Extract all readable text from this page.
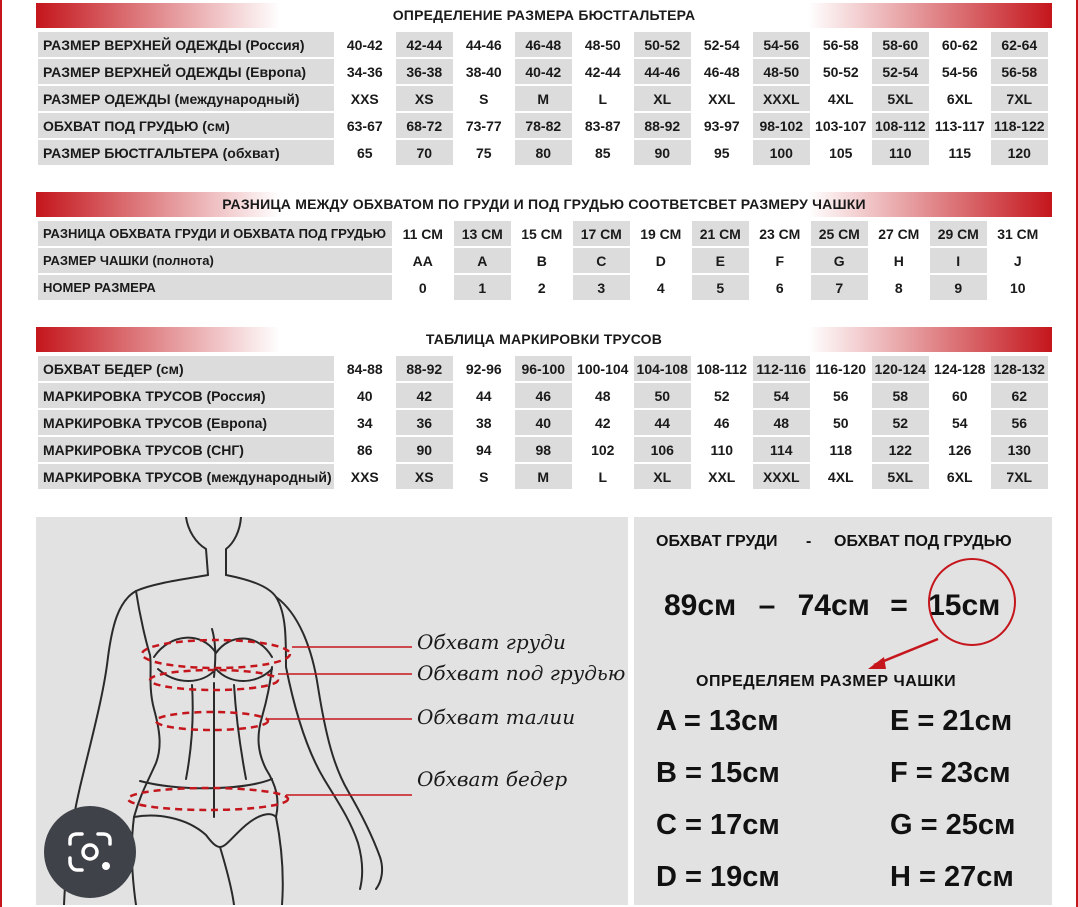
ОПРЕДЕЛЕНИЕ РАЗМЕРА БЮСТГАЛЬТЕРА
РАЗМЕР ВЕРХНЕЙ ОДЕЖДЫ (Россия)	40-42	42-44	44-46	46-48	48-50	50-52	52-54	54-56	56-58	58-60	60-62	62-64
РАЗМЕР ВЕРХНЕЙ ОДЕЖДЫ (Европа)	34-36	36-38	38-40	40-42	42-44	44-46	46-48	48-50	50-52	52-54	54-56	56-58
РАЗМЕР ОДЕЖДЫ (международный)	XXS	XS	S	M	L	XL	XXL	XXXL	4XL	5XL	6XL	7XL
ОБХВАТ ПОД ГРУДЬЮ (см)	63-67	68-72	73-77	78-82	83-87	88-92	93-97	98-102	103-107	108-112	113-117	118-122
РАЗМЕР БЮСТГАЛЬТЕРА (обхват)	65	70	75	80	85	90	95	100	105	110	115	120
РАЗНИЦА МЕЖДУ ОБХВАТОМ ПО ГРУДИ И ПОД ГРУДЬЮ СООТВЕТСВЕТ РАЗМЕРУ ЧАШКИ
РАЗНИЦА ОБХВАТА ГРУДИ И ОБХВАТА ПОД ГРУДЬЮ	11 СМ	13 СМ	15 СМ	17 СМ	19 СМ	21 СМ	23 СМ	25 СМ	27 СМ	29 СМ	31 СМ
РАЗМЕР ЧАШКИ (полнота)	AA	A	B	C	D	E	F	G	H	I	J
НОМЕР РАЗМЕРА	0	1	2	3	4	5	6	7	8	9	10
ТАБЛИЦА МАРКИРОВКИ ТРУСОВ
ОБХВАТ БЕДЕР (см)	84-88	88-92	92-96	96-100	100-104	104-108	108-112	112-116	116-120	120-124	124-128	128-132
МАРКИРОВКА ТРУСОВ (Россия)	40	42	44	46	48	50	52	54	56	58	60	62
МАРКИРОВКА ТРУСОВ (Европа)	34	36	38	40	42	44	46	48	50	52	54	56
МАРКИРОВКА ТРУСОВ (СНГ)	86	90	94	98	102	106	110	114	118	122	126	130
МАРКИРОВКА ТРУСОВ (международный)	XXS	XS	S	M	L	XL	XXL	XXXL	4XL	5XL	6XL	7XL
Обхват груди
Обхват под грудью
Обхват талии
Обхват бедер
ОБХВАТ ГРУДИ - ОБХВАТ ПОД ГРУДЬЮ
89см – 74см = 15см
ОПРЕДЕЛЯЕМ РАЗМЕР ЧАШКИ
A = 13см	E = 21см
B = 15см	F = 23см
C = 17см	G = 25см
D = 19см	H = 27см
